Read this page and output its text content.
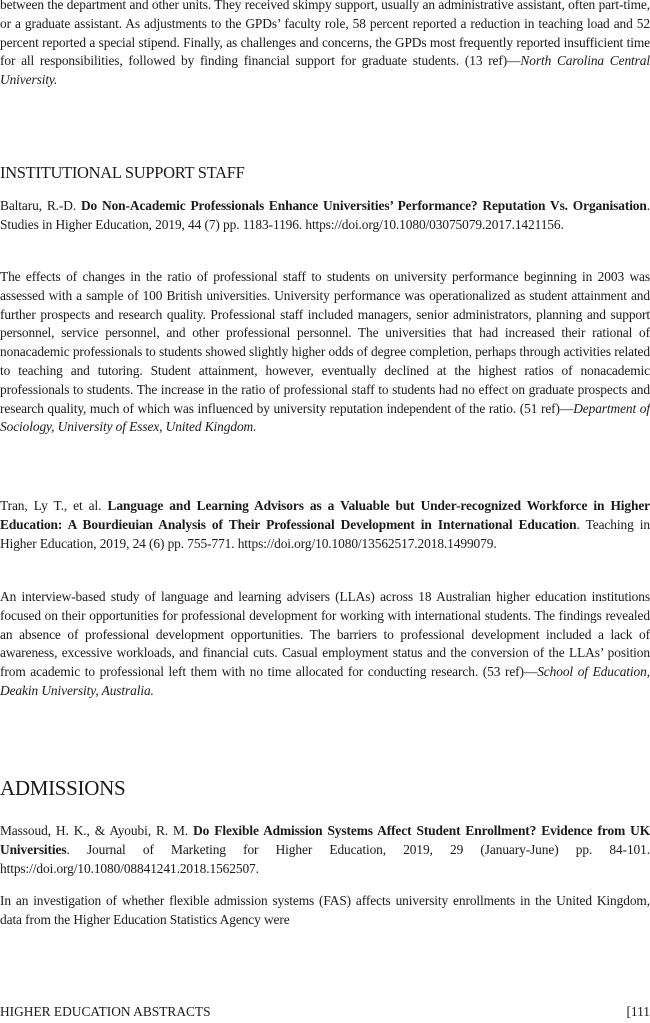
between the department and other units. They received skimpy support, usually an administrative assistant, often part-time, or a graduate assistant. As adjustments to the GPDs’ faculty role, 58 percent reported a reduction in teaching load and 52 percent reported a special stipend. Finally, as challenges and concerns, the GPDs most frequently reported insufficient time for all responsibilities, followed by finding financial support for graduate students. (13 ref)—North Carolina Central University.

INSTITUTIONAL SUPPORT STAFF

Baltaru, R.-D. Do Non-Academic Professionals Enhance Universities’ Performance? Reputation Vs. Organisation. Studies in Higher Education, 2019, 44 (7) pp. 1183-1196. https://doi.org/10.1080/03075079.2017.1421156.

The effects of changes in the ratio of professional staff to students on university performance beginning in 2003 was assessed with a sample of 100 British universities. University performance was operationalized as student attainment and further prospects and research quality. Professional staff included managers, senior administrators, planning and support personnel, service personnel, and other professional personnel. The universities that had increased their rational of nonacademic professionals to students showed slightly higher odds of degree completion, perhaps through activities related to teaching and tutoring. Student attainment, however, eventually declined at the highest ratios of nonacademic professionals to students. The increase in the ratio of professional staff to students had no effect on graduate prospects and research quality, much of which was influenced by university reputation independent of the ratio. (51 ref)—Department of Sociology, University of Essex, United Kingdom.

Tran, Ly T., et al. Language and Learning Advisors as a Valuable but Under-recognized Workforce in Higher Education: A Bourdieuian Analysis of Their Professional Development in International Education. Teaching in Higher Education, 2019, 24 (6) pp. 755-771. https://doi.org/10.1080/13562517.2018.1499079.

An interview-based study of language and learning advisers (LLAs) across 18 Australian higher education institutions focused on their opportunities for professional development for working with international students. The findings revealed an absence of professional development opportunities. The barriers to professional development included a lack of awareness, excessive workloads, and financial cuts. Casual employment status and the conversion of the LLAs’ position from academic to professional left them with no time allocated for conducting research. (53 ref)—School of Education, Deakin University, Australia.

ADMISSIONS

Massoud, H. K., & Ayoubi, R. M. Do Flexible Admission Systems Affect Student Enrollment? Evidence from UK Universities. Journal of Marketing for Higher Education, 2019, 29 (January-June) pp. 84-101. https://doi.org/10.1080/08841241.2018.1562507.

In an investigation of whether flexible admission systems (FAS) affects university enrollments in the United Kingdom, data from the Higher Education Statistics Agency were

HIGHER EDUCATION ABSTRACTS	[111
